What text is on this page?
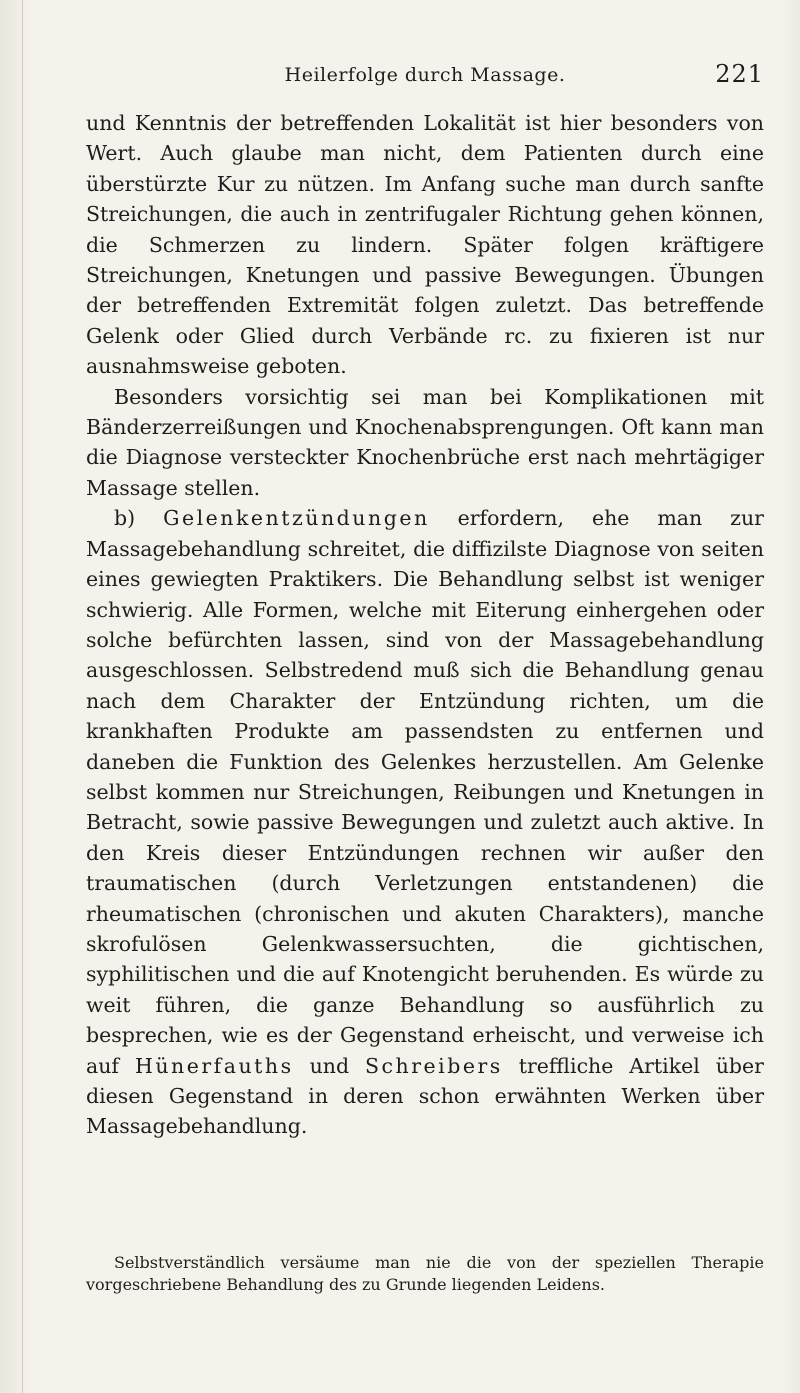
Heilerfolge durch Massage.	221

und Kenntnis der betreffenden Lokalität ist hier besonders von Wert. Auch glaube man nicht, dem Patienten durch eine überstürzte Kur zu nützen. Im Anfang suche man durch sanfte Streichungen, die auch in zentrifugaler Richtung gehen können, die Schmerzen zu lindern. Später folgen kräftigere Streichungen, Knetungen und passive Bewegungen. Übungen der betreffenden Extremität folgen zuletzt. Das betreffende Gelenk oder Glied durch Verbände rc. zu fixieren ist nur ausnahmsweise geboten.

Besonders vorsichtig sei man bei Komplikationen mit Bänderzerreißungen und Knochenabsprengungen. Oft kann man die Diagnose versteckter Knochenbrüche erst nach mehrtägiger Massage stellen.

b) Gelenkentzündungen erfordern, ehe man zur Massagebehandlung schreitet, die diffizilste Diagnose von seiten eines gewiegten Praktikers. Die Behandlung selbst ist weniger schwierig. Alle Formen, welche mit Eiterung einhergehen oder solche befürchten lassen, sind von der Massagebehandlung ausgeschlossen. Selbstredend muß sich die Behandlung genau nach dem Charakter der Entzündung richten, um die krankhaften Produkte am passendsten zu entfernen und daneben die Funktion des Gelenkes herzustellen. Am Gelenke selbst kommen nur Streichungen, Reibungen und Knetungen in Betracht, sowie passive Bewegungen und zuletzt auch aktive. In den Kreis dieser Entzündungen rechnen wir außer den traumatischen (durch Verletzungen entstandenen) die rheumatischen (chronischen und akuten Charakters), manche skrofulösen Gelenkwassersuchten, die gichtischen, syphilitischen und die auf Knotengicht beruhenden. Es würde zu weit führen, die ganze Behandlung so ausführlich zu besprechen, wie es der Gegenstand erheischt, und verweise ich auf Hünerfauths und Schreibers treffliche Artikel über diesen Gegenstand in deren schon erwähnten Werken über Massagebehandlung.

Selbstverständlich versäume man nie die von der speziellen Therapie vorgeschriebene Behandlung des zu Grunde liegenden Leidens.
